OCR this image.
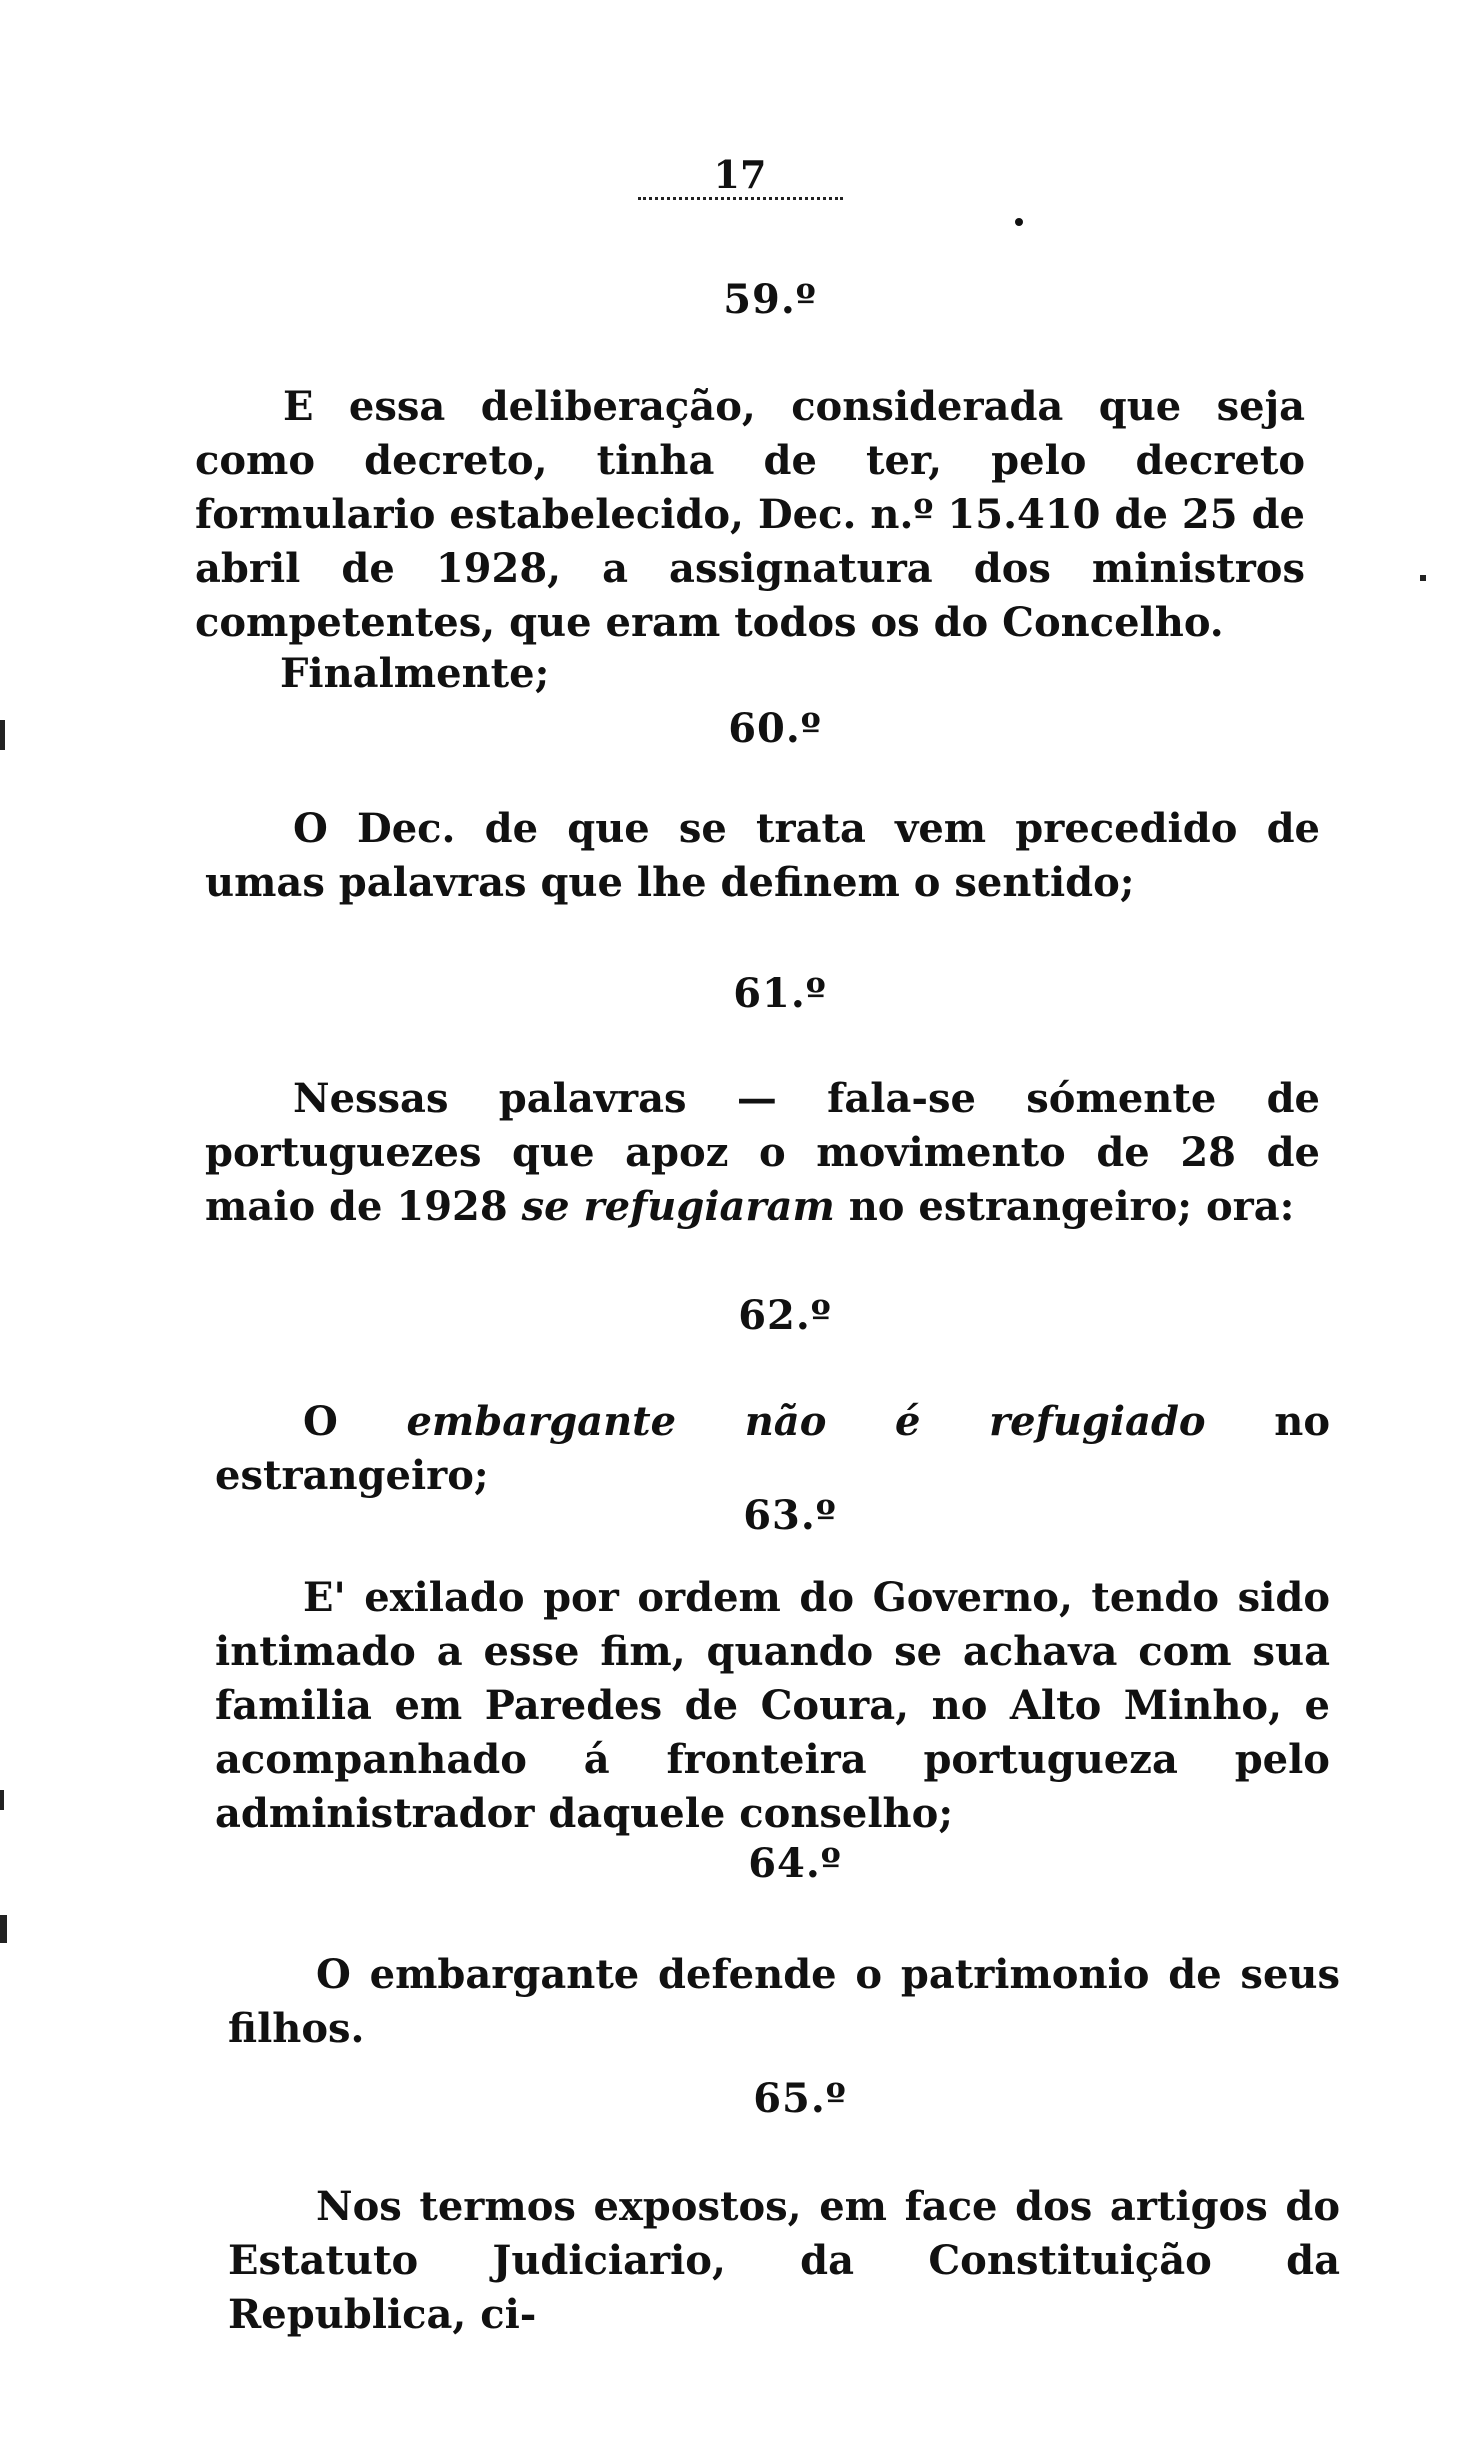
17
59.º

E essa deliberação, considerada que seja como decreto, tinha de ter, pelo decreto formulario estabelecido, Dec. n.º 15.410 de 25 de abril de 1928, a assignatura dos ministros competentes, que eram todos os do Concelho.

Finalmente;
60.º

O Dec. de que se trata vem precedido de umas palavras que lhe definem o sentido;

61.º

Nessas palavras — fala-se sómente de portuguezes que apoz o movimento de 28 de maio de 1928 se refugiaram no estrangeiro; ora:

62.º

O embargante não é refugiado no estrangeiro;

63.º

E' exilado por ordem do Governo, tendo sido intimado a esse fim, quando se achava com sua familia em Paredes de Coura, no Alto Minho, e acompanhado á fronteira portugueza pelo administrador daquele conselho;

64.º

O embargante defende o patrimonio de seus filhos.

65.º

Nos termos expostos, em face dos artigos do Estatuto Judiciario, da Constituição da Republica, ci-
